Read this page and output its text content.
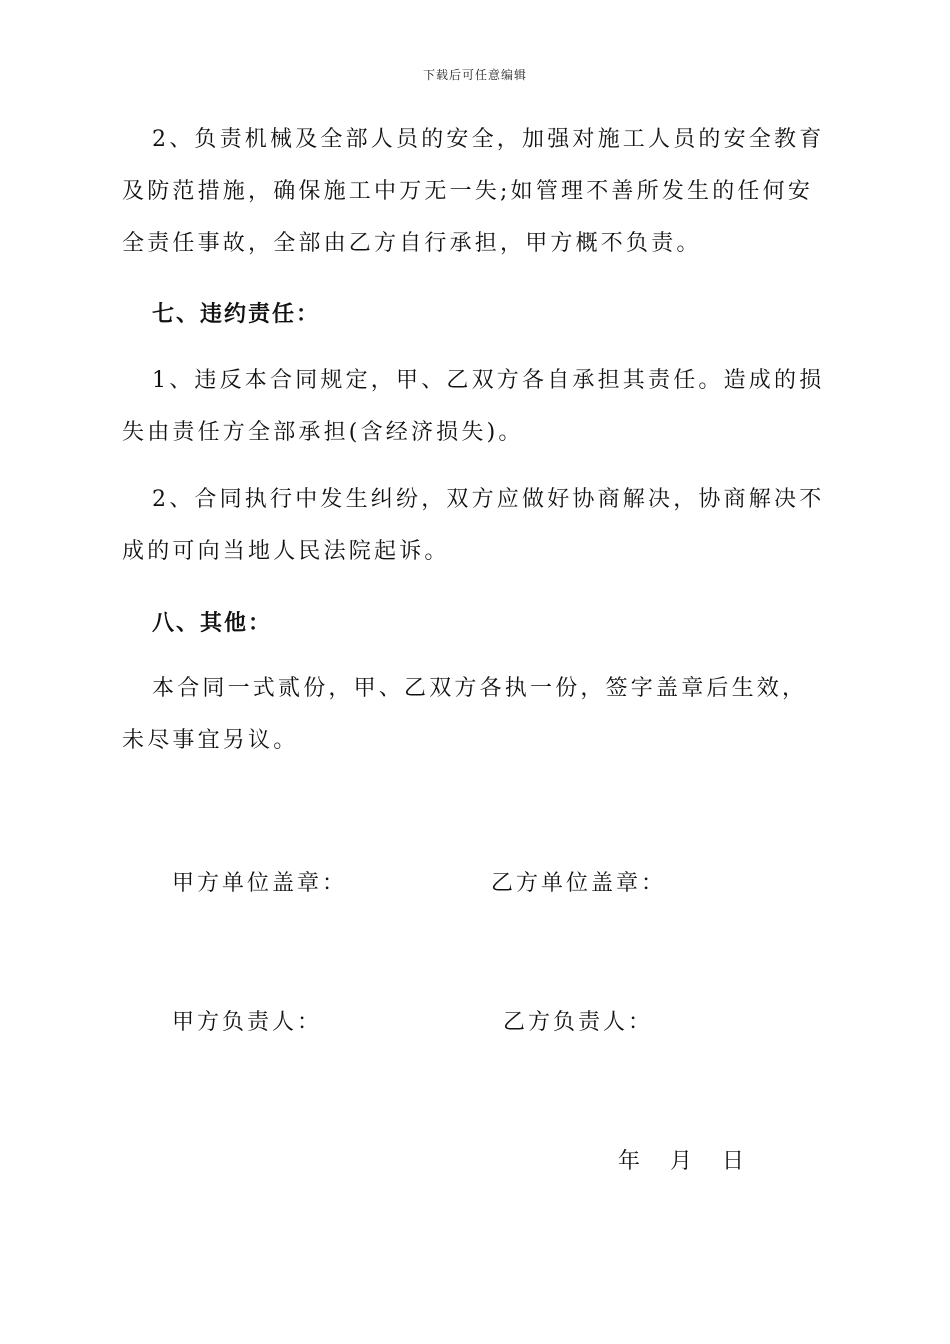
下载后可任意编辑

2、负责机械及全部人员的安全，加强对施工人员的安全教育及防范措施，确保施工中万无一失;如管理不善所发生的任何安全责任事故，全部由乙方自行承担，甲方概不负责。

七、违约责任：

1、违反本合同规定，甲、乙双方各自承担其责任。造成的损失由责任方全部承担(含经济损失)。

2、合同执行中发生纠纷，双方应做好协商解决，协商解决不成的可向当地人民法院起诉。

八、其他：

本合同一式贰份，甲、乙双方各执一份，签字盖章后生效，未尽事宜另议。

甲方单位盖章：	乙方单位盖章：

甲方负责人：	乙方负责人：

年	月	日
